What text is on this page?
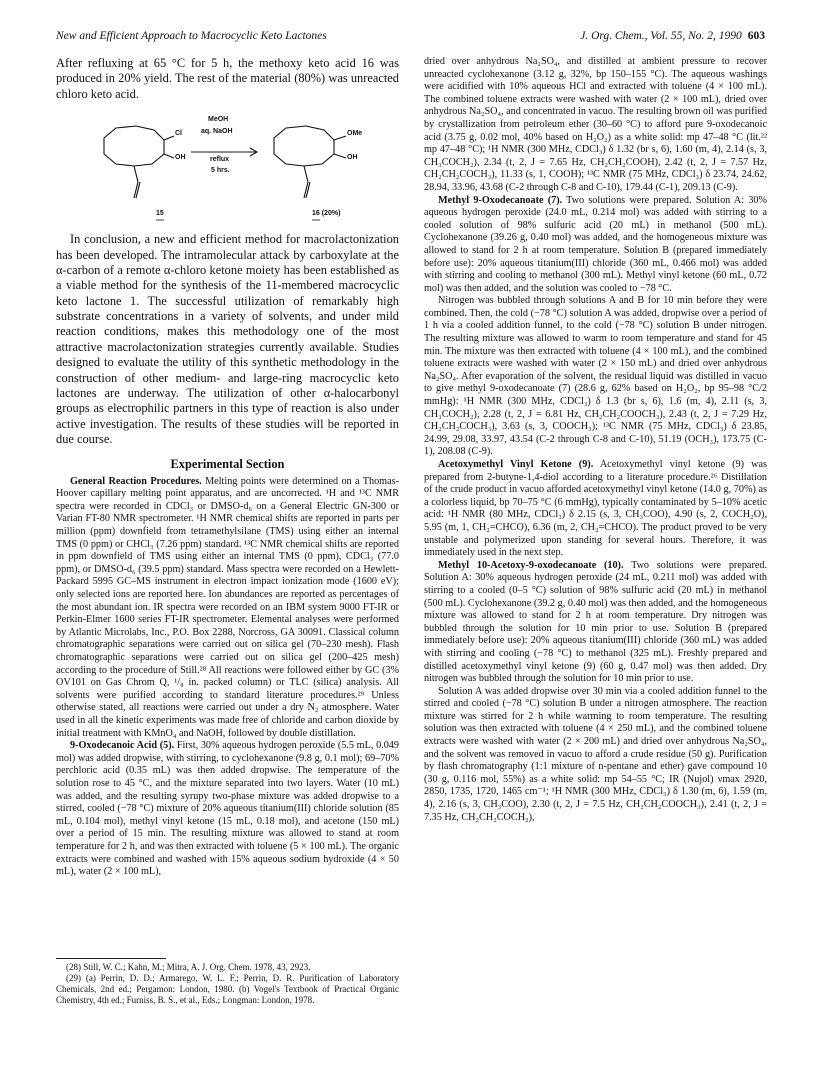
New and Efficient Approach to Macrocyclic Keto Lactones	J. Org. Chem., Vol. 55, No. 2, 1990 603

After refluxing at 65 °C for 5 h, the methoxy keto acid 16 was produced in 20% yield. The rest of the material (80%) was unreacted chloro keto acid.

MeOH
aq. NaOH
reflux
5 hrs.
Cl
OH
OMe
OH
15	16 (20%)

In conclusion, a new and efficient method for macrolactonization has been developed. The intramolecular attack by carboxylate at the α-carbon of a remote α-chloro ketone moiety has been established as a viable method for the synthesis of the 11-membered macrocyclic keto lactone 1. The successful utilization of remarkably high substrate concentrations in a variety of solvents, and under mild reaction conditions, makes this methodology one of the most attractive macrolactonization strategies currently available. Studies designed to evaluate the utility of this synthetic methodology in the construction of other medium- and large-ring macrocyclic keto lactones are underway. The utilization of other α-halocarbonyl groups as electrophilic partners in this type of reaction is also under active investigation. The results of these studies will be reported in due course.

Experimental Section

General Reaction Procedures. Melting points were determined on a Thomas-Hoover capillary melting point apparatus, and are uncorrected. ¹H and ¹³C NMR spectra were recorded in CDCl₃ or DMSO-d₆ on a General Electric GN-300 or Varian FT-80 NMR spectrometer. ¹H NMR chemical shifts are reported in parts per million (ppm) downfield from tetramethylsilane (TMS) using either an internal TMS (0 ppm) or CHCl₃ (7.26 ppm) standard. ¹³C NMR chemical shifts are reported in ppm downfield of TMS using either an internal TMS (0 ppm), CDCl₃ (77.0 ppm), or DMSO-d₆ (39.5 ppm) standard. Mass spectra were recorded on a Hewlett-Packard 5995 GC–MS instrument in electron impact ionization mode (1600 eV); only selected ions are reported here. Ion abundances are reported as percentages of the most abundant ion. IR spectra were recorded on an IBM system 9000 FT-IR or Perkin-Elmer 1600 series FT-IR spectrometer. Elemental analyses were performed by Atlantic Microlabs, Inc., P.O. Box 2288, Norcross, GA 30091. Classical column chromatographic separations were carried out on silica gel (70–230 mesh). Flash chromatographic separations were carried out on silica gel (200–425 mesh) according to the procedure of Still.²⁸ All reactions were followed either by GC (3% OV101 on Gas Chrom Q, ¹/₈ in. packed column) or TLC (silica) analysis. All solvents were purified according to standard literature procedures.²⁹ Unless otherwise stated, all reactions were carried out under a dry N₂ atmosphere. Water used in all the kinetic experiments was made free of chloride and carbon dioxide by initial treatment with KMnO₄ and NaOH, followed by double distillation.

9-Oxodecanoic Acid (5). First, 30% aqueous hydrogen peroxide (5.5 mL, 0.049 mol) was added dropwise, with stirring, to cyclohexanone (9.8 g, 0.1 mol); 69–70% perchloric acid (0.35 mL) was then added dropwise. The temperature of the solution rose to 45 °C, and the mixture separated into two layers. Water (10 mL) was added, and the resulting syrupy two-phase mixture was added dropwise to a stirred, cooled (−78 °C) mixture of 20% aqueous titanium(III) chloride solution (85 mL, 0.104 mol), methyl vinyl ketone (15 mL, 0.18 mol), and acetone (150 mL) over a period of 15 min. The resulting mixture was allowed to stand at room temperature for 2 h, and was then extracted with toluene (5 × 100 mL). The organic extracts were combined and washed with 15% aqueous sodium hydroxide (4 × 50 mL), water (2 × 100 mL),

(28) Still, W. C.; Kahn, M.; Mitra, A. J. Org. Chem. 1978, 43, 2923.

(29) (a) Perrin, D. D.; Armarego, W. L. F.; Perrin, D. R. Purification of Laboratory Chemicals, 2nd ed.; Pergamon: London, 1980. (b) Vogel's Textbook of Practical Organic Chemistry, 4th ed.; Furniss, B. S., et al., Eds.; Longman: London, 1978.

dried over anhydrous Na₂SO₄, and distilled at ambient pressure to recover unreacted cyclohexanone (3.12 g, 32%, bp 150–155 °C). The aqueous washings were acidified with 10% aqueous HCl and extracted with toluene (4 × 100 mL). The combined toluene extracts were washed with water (2 × 100 mL), dried over anhydrous Na₂SO₄, and concentrated in vacuo. The resulting brown oil was purified by crystallization from petroleum ether (30–60 °C) to afford pure 9-oxodecanoic acid (3.75 g, 0.02 mol, 40% based on H₂O₂) as a white solid: mp 47–48 °C (lit.²² mp 47–48 °C); ¹H NMR (300 MHz, CDCl₃) δ 1.32 (br s, 6), 1.60 (m, 4), 2.14 (s, 3, CH₃COCH₂), 2.34 (t, 2, J = 7.65 Hz, CH₂CH₂COOH), 2.42 (t, 2, J = 7.57 Hz, CH₂CH₂COCH₃), 11.33 (s, 1, COOH); ¹³C NMR (75 MHz, CDCl₃) δ 23.74, 24.62, 28.94, 33.96, 43.68 (C-2 through C-8 and C-10), 179.44 (C-1), 209.13 (C-9).

Methyl 9-Oxodecanoate (7). Two solutions were prepared. Solution A: 30% aqueous hydrogen peroxide (24.0 mL, 0.214 mol) was added with stirring to a cooled solution of 98% sulfuric acid (20 mL) in methanol (500 mL). Cyclohexanone (39.26 g, 0.40 mol) was added, and the homogeneous mixture was allowed to stand for 2 h at room temperature. Solution B (prepared immediately before use): 20% aqueous titanium(III) chloride (360 mL, 0.466 mol) was added with stirring and cooling to methanol (300 mL). Methyl vinyl ketone (60 mL, 0.72 mol) was then added, and the solution was cooled to −78 °C.

Nitrogen was bubbled through solutions A and B for 10 min before they were combined. Then, the cold (−78 °C) solution A was added, dropwise over a period of 1 h via a cooled addition funnel, to the cold (−78 °C) solution B under nitrogen. The resulting mixture was allowed to warm to room temperature and stand for 45 min. The mixture was then extracted with toluene (4 × 100 mL), and the combined toluene extracts were washed with water (2 × 150 mL) and dried over anhydrous Na₂SO₄. After evaporation of the solvent, the residual liquid was distilled in vacuo to give methyl 9-oxodecanoate (7) (28.6 g, 62% based on H₂O₂, bp 95–98 °C/2 mmHg): ¹H NMR (300 MHz, CDCl₃) δ 1.3 (br s, 6), 1.6 (m, 4), 2.11 (s, 3, CH₃COCH₂), 2.28 (t, 2, J = 6.81 Hz, CH₂CH₂COOCH₃), 2.43 (t, 2, J = 7.29 Hz, CH₂CH₂COCH₃), 3.63 (s, 3, COOCH₃); ¹³C NMR (75 MHz, CDCl₃) δ 23.85, 24.99, 29.08, 33.97, 43.54 (C-2 through C-8 and C-10), 51.19 (OCH₃), 173.75 (C-1), 208.08 (C-9).

Acetoxymethyl Vinyl Ketone (9). Acetoxymethyl vinyl ketone (9) was prepared from 2-butyne-1,4-diol according to a literature procedure.²⁶ Distillation of the crude product in vacuo afforded acetoxymethyl vinyl ketone (14.0 g, 70%) as a colorless liquid, bp 70–75 °C (6 mmHg), typically contaminated by 5–10% acetic acid: ¹H NMR (80 MHz, CDCl₃) δ 2.15 (s, 3, CH₃COO), 4.90 (s, 2, COCH₂O), 5.95 (m, 1, CH₂=CHCO), 6.36 (m, 2, CH₂=CHCO). The product proved to be very unstable and polymerized upon standing for several hours. Therefore, it was immediately used in the next step.

Methyl 10-Acetoxy-9-oxodecanoate (10). Two solutions were prepared. Solution A: 30% aqueous hydrogen peroxide (24 mL, 0.211 mol) was added with stirring to a cooled (0–5 °C) solution of 98% sulfuric acid (20 mL) in methanol (500 mL). Cyclohexanone (39.2 g, 0.40 mol) was then added, and the homogeneous mixture was allowed to stand for 2 h at room temperature. Dry nitrogen was bubbled through the solution for 10 min prior to use. Solution B (prepared immediately before use): 20% aqueous titanium(III) chloride (360 mL) was added with stirring and cooling (−78 °C) to methanol (325 mL). Freshly prepared and distilled acetoxymethyl vinyl ketone (9) (60 g, 0.47 mol) was then added. Dry nitrogen was bubbled through the solution for 10 min prior to use.

Solution A was added dropwise over 30 min via a cooled addition funnel to the stirred and cooled (−78 °C) solution B under a nitrogen atmosphere. The reaction mixture was stirred for 2 h while warming to room temperature. The resulting solution was then extracted with toluene (4 × 250 mL), and the combined toluene extracts were washed with water (2 × 200 mL) and dried over anhydrous Na₂SO₄, and the solvent was removed in vacuo to afford a crude residue (50 g). Purification by flash chromatography (1:1 mixture of n-pentane and ether) gave compound 10 (30 g, 0.116 mol, 55%) as a white solid: mp 54–55 °C; IR (Nujol) νmax 2920, 2850, 1735, 1720, 1465 cm⁻¹; ¹H NMR (300 MHz, CDCl₃) δ 1.30 (m, 6), 1.59 (m, 4), 2.16 (s, 3, CH₃COO), 2.30 (t, 2, J = 7.5 Hz, CH₂CH₂COOCH₃), 2.41 (t, 2, J = 7.35 Hz, CH₂CH₂COCH₂),
